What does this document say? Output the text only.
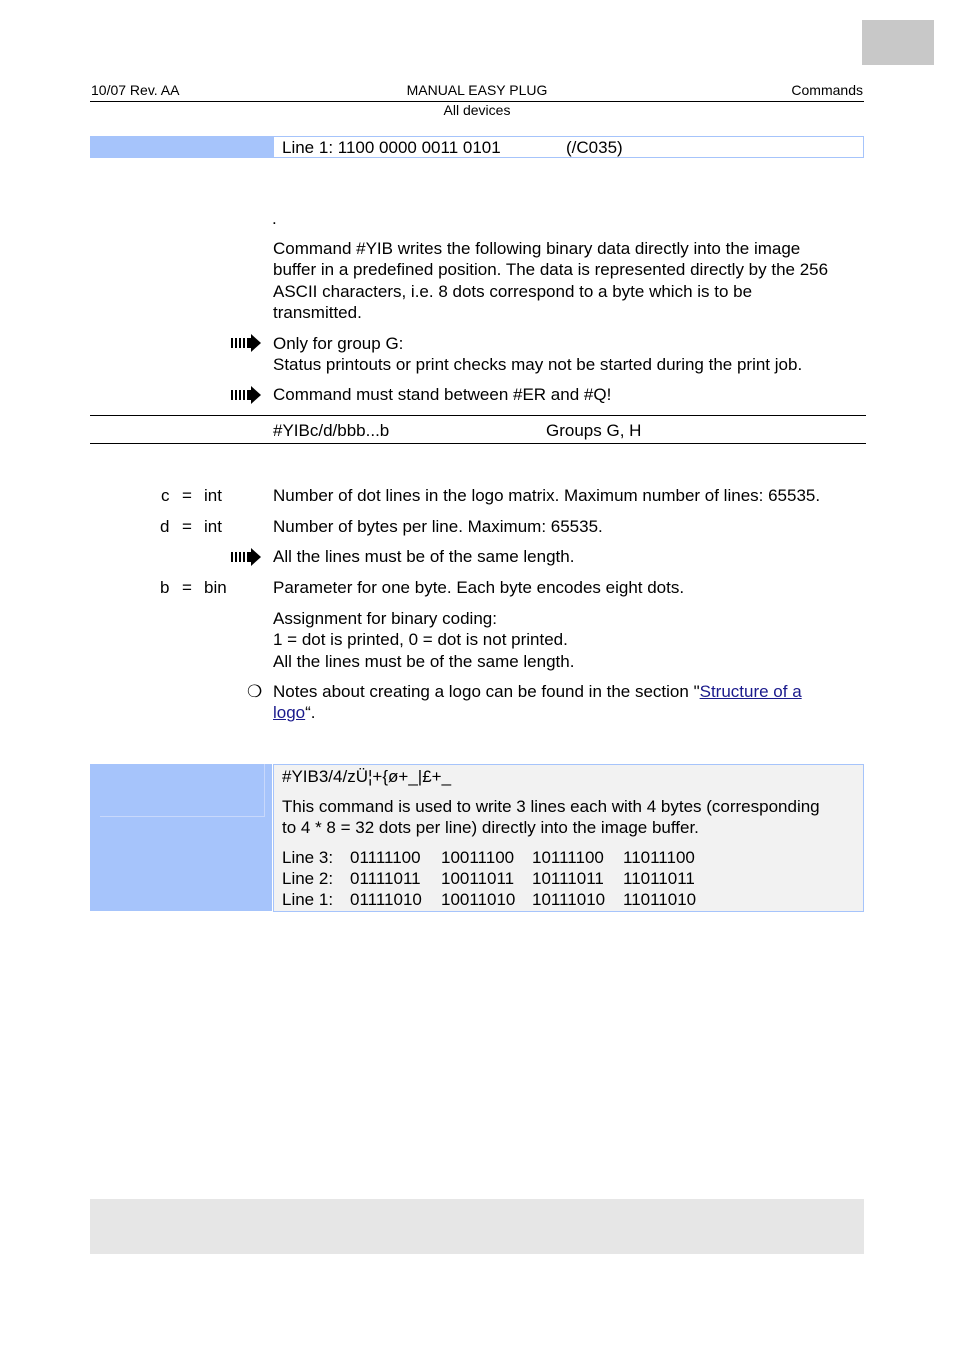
10/07 Rev. AA	MANUAL EASY PLUG	Commands
All devices
Line 1: 1100 0000 0011 0101	(/C035)
.
Command #YIB writes the following binary data directly into the image
buffer in a predefined position. The data is represented directly by the 256
ASCII characters, i.e. 8 dots correspond to a byte which is to be
transmitted.
Only for group G:
Status printouts or print checks may not be started during the print job.
Command must stand between #ER and #Q!
#YIBc/d/bbb...b	Groups G, H
c = int	Number of dot lines in the logo matrix. Maximum number of lines: 65535.
d = int	Number of bytes per line. Maximum: 65535.
All the lines must be of the same length.
b = bin	Parameter for one byte. Each byte encodes eight dots.
Assignment for binary coding:
1 = dot is printed, 0 = dot is not printed.
All the lines must be of the same length.
❍ Notes about creating a logo can be found in the section "Structure of a
logo“.
#YIB3/4/zÜ¦+{ø+_|£+_
This command is used to write 3 lines each with 4 bytes (corresponding
to 4 * 8 = 32 dots per line) directly into the image buffer.
Line 3: 01111100 10011100 10111100 11011100
Line 2: 01111011 10011011 10111011 11011011
Line 1: 01111010 10011010 10111010 11011010
